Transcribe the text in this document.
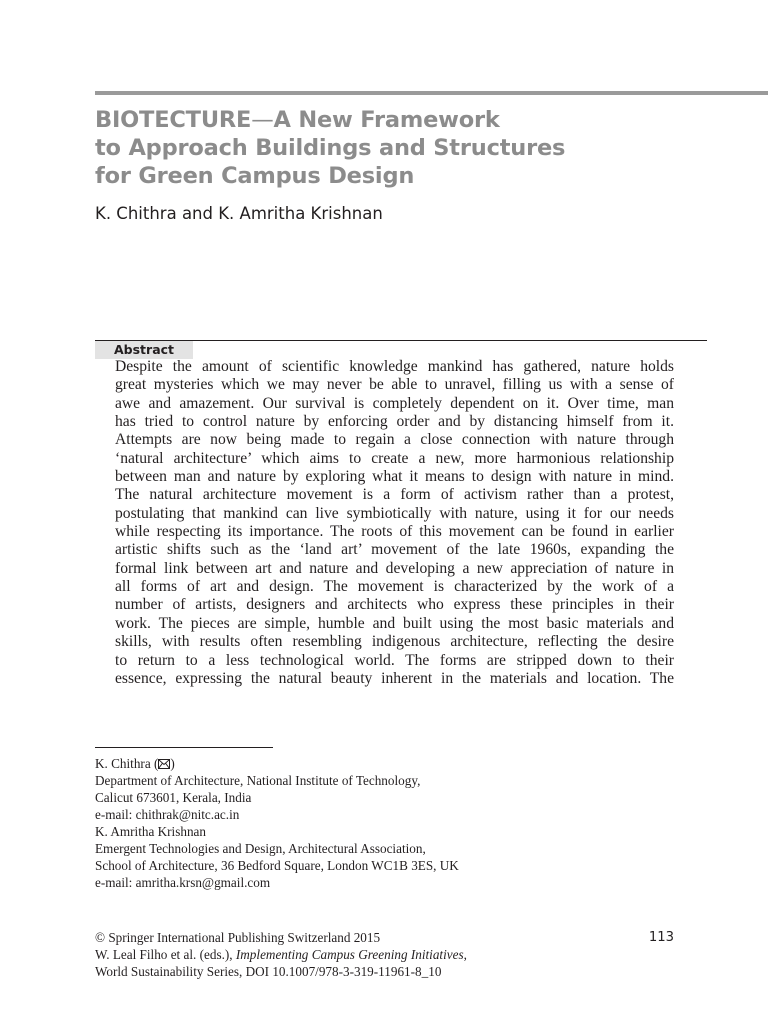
BIOTECTURE—A New Framework
to Approach Buildings and Structures
for Green Campus Design
K. Chithra and K. Amritha Krishnan
Abstract
Despite the amount of scientific knowledge mankind has gathered, nature holds
great mysteries which we may never be able to unravel, filling us with a sense of
awe and amazement. Our survival is completely dependent on it. Over time, man
has tried to control nature by enforcing order and by distancing himself from it.
Attempts are now being made to regain a close connection with nature through
‘natural architecture’ which aims to create a new, more harmonious relationship
between man and nature by exploring what it means to design with nature in mind.
The natural architecture movement is a form of activism rather than a protest,
postulating that mankind can live symbiotically with nature, using it for our needs
while respecting its importance. The roots of this movement can be found in earlier
artistic shifts such as the ‘land art’ movement of the late 1960s, expanding the
formal link between art and nature and developing a new appreciation of nature in
all forms of art and design. The movement is characterized by the work of a
number of artists, designers and architects who express these principles in their
work. The pieces are simple, humble and built using the most basic materials and
skills, with results often resembling indigenous architecture, reflecting the desire
to return to a less technological world. The forms are stripped down to their
essence, expressing the natural beauty inherent in the materials and location. The
K. Chithra ( )
Department of Architecture, National Institute of Technology,
Calicut 673601, Kerala, India
e-mail: chithrak@nitc.ac.in
K. Amritha Krishnan
Emergent Technologies and Design, Architectural Association,
School of Architecture, 36 Bedford Square, London WC1B 3ES, UK
e-mail: amritha.krsn@gmail.com
© Springer International Publishing Switzerland 2015
W. Leal Filho et al. (eds.), Implementing Campus Greening Initiatives,
World Sustainability Series, DOI 10.1007/978-3-319-11961-8_10
113
